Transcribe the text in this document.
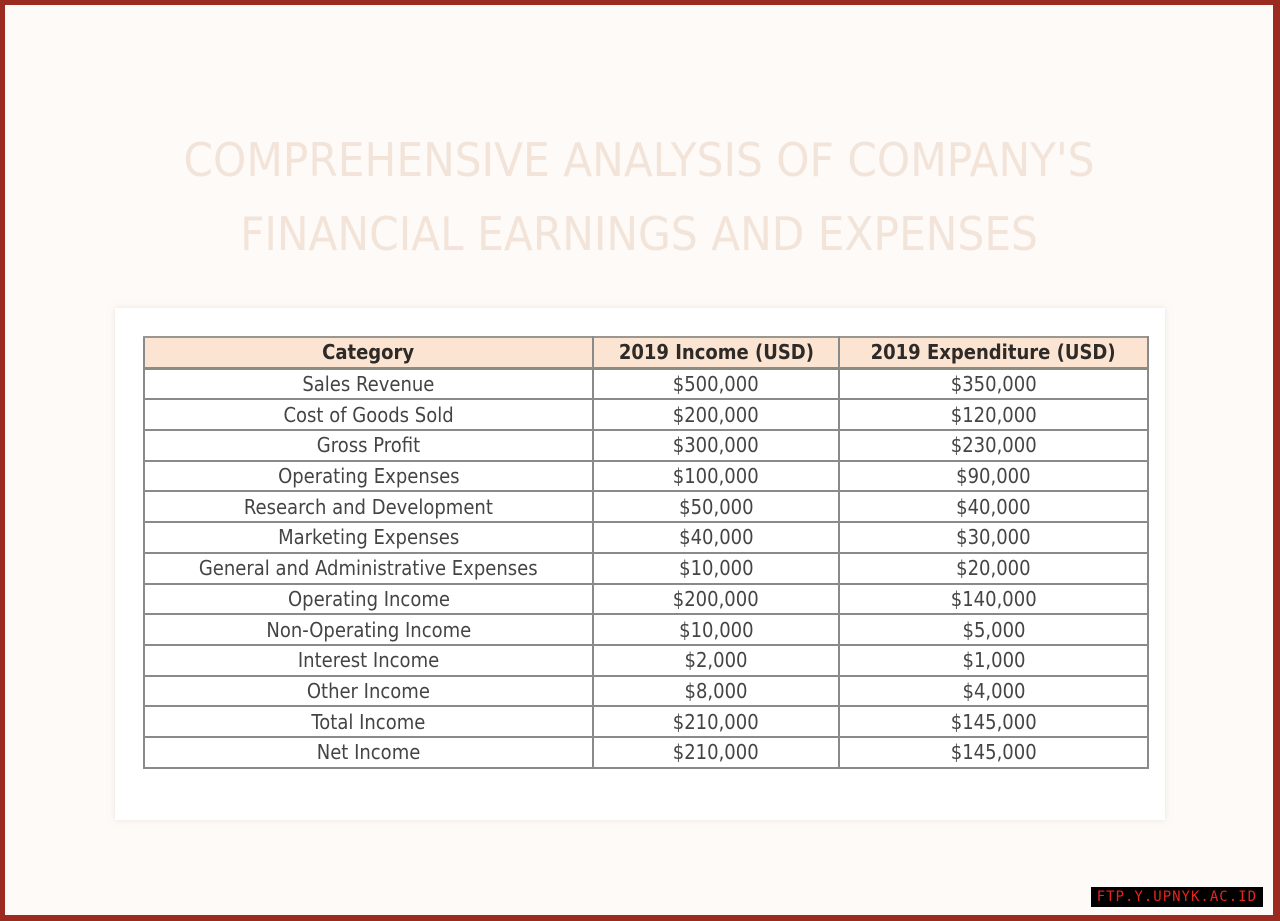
COMPREHENSIVE ANALYSIS OF COMPANY'S
FINANCIAL EARNINGS AND EXPENSES
Category	2019 Income (USD)	2019 Expenditure (USD)
Sales Revenue	$500,000	$350,000
Cost of Goods Sold	$200,000	$120,000
Gross Profit	$300,000	$230,000
Operating Expenses	$100,000	$90,000
Research and Development	$50,000	$40,000
Marketing Expenses	$40,000	$30,000
General and Administrative Expenses	$10,000	$20,000
Operating Income	$200,000	$140,000
Non-Operating Income	$10,000	$5,000
Interest Income	$2,000	$1,000
Other Income	$8,000	$4,000
Total Income	$210,000	$145,000
Net Income	$210,000	$145,000
FTP.Y.UPNYK.AC.ID
